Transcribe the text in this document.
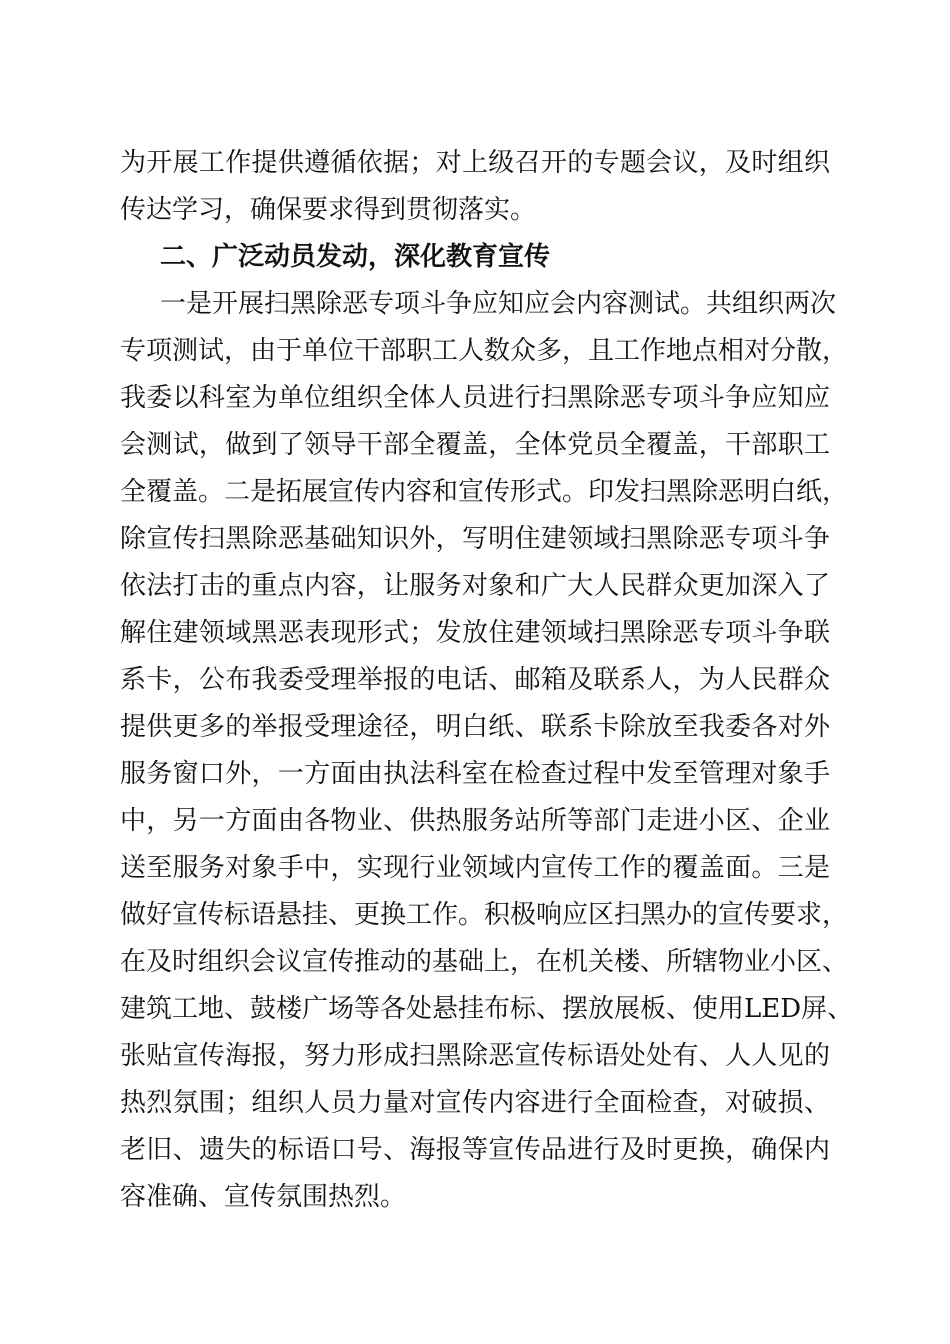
为开展工作提供遵循依据；对上级召开的专题会议，及时组织
传达学习，确保要求得到贯彻落实。
二、广泛动员发动，深化教育宣传
一是开展扫黑除恶专项斗争应知应会内容测试。共组织两次
专项测试，由于单位干部职工人数众多，且工作地点相对分散，
我委以科室为单位组织全体人员进行扫黑除恶专项斗争应知应
会测试，做到了领导干部全覆盖，全体党员全覆盖，干部职工
全覆盖。二是拓展宣传内容和宣传形式。印发扫黑除恶明白纸，
除宣传扫黑除恶基础知识外，写明住建领域扫黑除恶专项斗争
依法打击的重点内容，让服务对象和广大人民群众更加深入了
解住建领域黑恶表现形式；发放住建领域扫黑除恶专项斗争联
系卡，公布我委受理举报的电话、邮箱及联系人，为人民群众
提供更多的举报受理途径，明白纸、联系卡除放至我委各对外
服务窗口外，一方面由执法科室在检查过程中发至管理对象手
中，另一方面由各物业、供热服务站所等部门走进小区、企业
送至服务对象手中，实现行业领域内宣传工作的覆盖面。三是
做好宣传标语悬挂、更换工作。积极响应区扫黑办的宣传要求，
在及时组织会议宣传推动的基础上，在机关楼、所辖物业小区、
建筑工地、鼓楼广场等各处悬挂布标、摆放展板、使用LED屏、
张贴宣传海报，努力形成扫黑除恶宣传标语处处有、人人见的
热烈氛围；组织人员力量对宣传内容进行全面检查，对破损、
老旧、遗失的标语口号、海报等宣传品进行及时更换，确保内
容准确、宣传氛围热烈。
